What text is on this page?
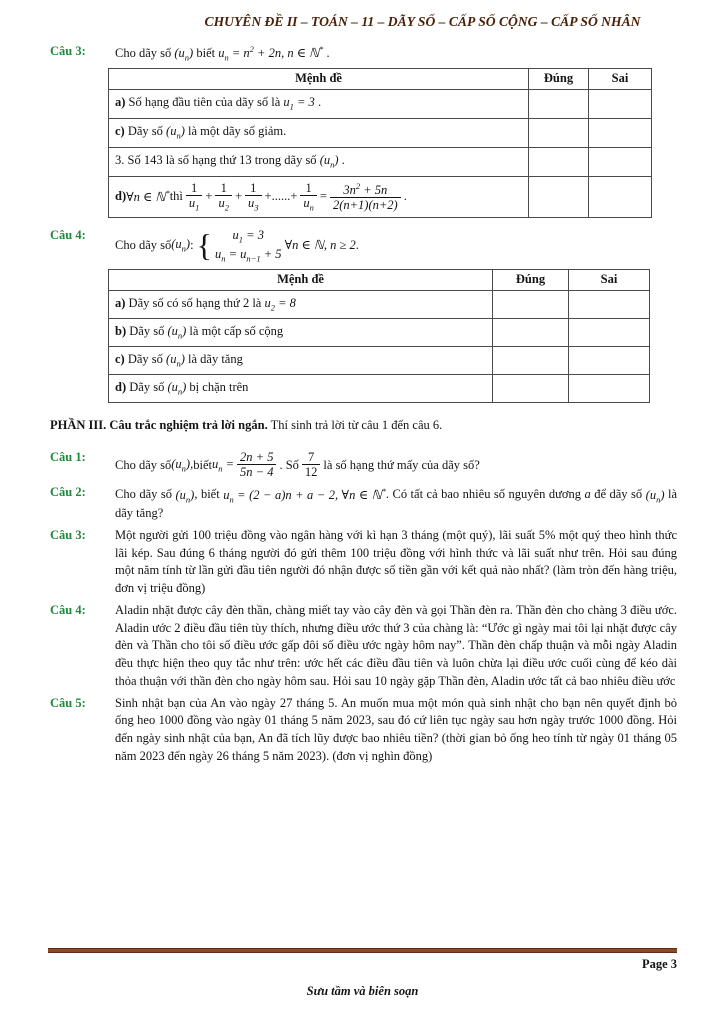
CHUYÊN ĐỀ II – TOÁN – 11 – DÃY SỐ – CẤP SỐ CỘNG – CẤP SỐ NHÂN
Câu 3:	Cho dãy số $(u_n)$ biết $u_n = n^2 + 2n$, n ∈ ℕ* .
Mệnh đề	Đúng	Sai
a) Số hạng đầu tiên của dãy số là $u_1 = 3$ .		
c) Dãy số $(u_n)$ là một dãy số giảm.		
3. Số 143 là số hạng thứ 13 trong dãy số $(u_n)$ .		

d) ∀n ∈ ℕ* thì $\frac{1}{u_1} + \frac{1}{u_2} + \frac{1}{u_3}$ +......+ $\frac{1}{u_n} = \frac{3n^2 + 5n}{2(n+1)(n+2)}$ .

Câu 4:
Cho dãy số $(u_n)$ : {	$u_1 = 3$
$u_n = u_{n-1} + 5$
∀n ∈ ℕ, n ≥ 2 .
Mệnh đề	Đúng	Sai
a) Dãy số có số hạng thứ 2 là $u_2 = 8$		
b) Dãy số $(u_n)$ là một cấp số cộng		
c) Dãy số $(u_n)$ là dãy tăng		
d) Dãy số $(u_n)$ bị chặn trên		
PHẦN III. Câu trắc nghiệm trả lời ngắn. Thí sinh trả lời từ câu 1 đến câu 6.
Câu 1:
Cho dãy số $(u_n)$, biết $u_n = \frac{2n + 5}{5n - 4}$ . Số $\frac{7}{12}$ là số hạng thứ mấy của dãy số?
Câu 2:	Cho dãy số $(u_n)$, biết $u_n = (2 - a)n + a - 2$, ∀n ∈ ℕ*. Có tất cả bao nhiêu số nguyên dương a để dãy số $(u_n)$ là dãy tăng?
Câu 3:	Một người gửi 100 triệu đồng vào ngân hàng với kì hạn 3 tháng (một quý), lãi suất 5% một quý theo hình thức lãi kép. Sau đúng 6 tháng người đó gửi thêm 100 triệu đồng với hình thức và lãi suất như trên. Hỏi sau đúng một năm tính từ lần gửi đầu tiên người đó nhận được số tiền gần với kết quả nào nhất? (làm tròn đến hàng triệu, đơn vị triệu đồng)
Câu 4:	Aladin nhặt được cây đèn thần, chàng miết tay vào cây đèn và gọi Thần đèn ra. Thần đèn cho chàng 3 điều ước. Aladin ước 2 điều đầu tiên tùy thích, nhưng điều ước thứ 3 của chàng là: “Ước gì ngày mai tôi lại nhặt được cây đèn và Thần cho tôi số điều ước gấp đôi số điều ước ngày hôm nay”. Thần đèn chấp thuận và mỗi ngày Aladin đều thực hiện theo quy tắc như trên: ước hết các điều đầu tiên và luôn chừa lại điều ước cuối cùng để kéo dài thỏa thuận với thần đèn cho ngày hôm sau. Hỏi sau 10 ngày gặp Thần đèn, Aladin ước tất cả bao nhiêu điều ước
Câu 5:	Sinh nhật bạn của An vào ngày 27 tháng 5. An muốn mua một món quà sinh nhật cho bạn nên quyết định bỏ ống heo 1000 đồng vào ngày 01 tháng 5 năm 2023, sau đó cứ liên tục ngày sau hơn ngày trước 1000 đồng. Hỏi đến ngày sinh nhật của bạn, An đã tích lũy được bao nhiêu tiền? (thời gian bỏ ống heo tính từ ngày 01 tháng 05 năm 2023 đến ngày 26 tháng 5 năm 2023). (đơn vị nghìn đồng)
Page 3
Sưu tầm và biên soạn
